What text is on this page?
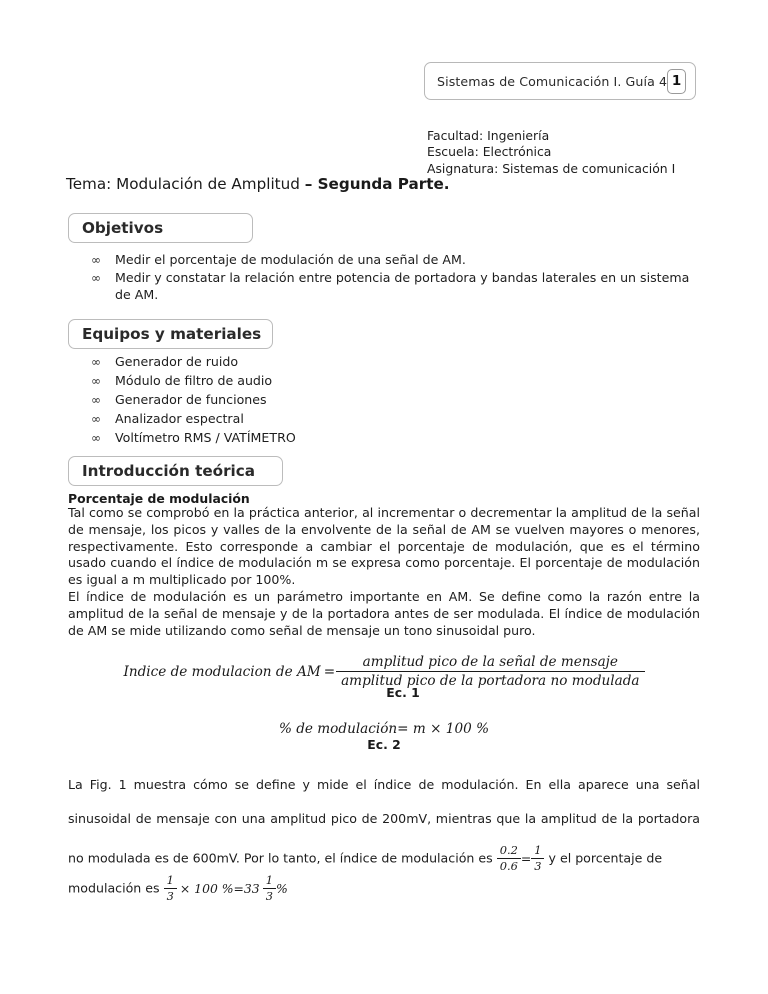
Sistemas de Comunicación I. Guía 4 1
Facultad: Ingeniería
Escuela: Electrónica
Asignatura: Sistemas de comunicación I
Tema: Modulación de Amplitud – Segunda Parte.
Objetivos
∞ Medir el porcentaje de modulación de una señal de AM.
∞ Medir y constatar la relación entre potencia de portadora y bandas laterales en un sistema de AM.
Equipos y materiales
∞ Generador de ruido
∞ Módulo de filtro de audio
∞ Generador de funciones
∞ Analizador espectral
∞ Voltímetro RMS / VATÍMETRO
Introducción teórica
Porcentaje de modulación
Tal como se comprobó en la práctica anterior, al incrementar o decrementar la amplitud de la señal de mensaje, los picos y valles de la envolvente de la señal de AM se vuelven mayores o menores, respectivamente. Esto corresponde a cambiar el porcentaje de modulación, que es el término usado cuando el índice de modulación m se expresa como porcentaje. El porcentaje de modulación es igual a m multiplicado por 100%.
El índice de modulación es un parámetro importante en AM. Se define como la razón entre la amplitud de la señal de mensaje y de la portadora antes de ser modulada. El índice de modulación de AM se mide utilizando como señal de mensaje un tono sinusoidal puro.
Indice de modulacion de AM = $\frac{\text{amplitud pico de la señal de mensaje}}{\text{amplitud pico de la portadora no modulada}}$
Ec. 1
% de modulación= m × 100 %
Ec. 2
La Fig. 1 muestra cómo se define y mide el índice de modulación. En ella aparece una señal
sinusoidal de mensaje con una amplitud pico de 200mV, mientras que la amplitud de la portadora
no modulada es de 600mV. Por lo tanto, el índice de modulación es $\frac{0.2}{0.6} = \frac{1}{3}$ y el porcentaje de
modulación es $\frac{1}{3} \times 100$ $\%=33 \frac{1}{3}$ %
